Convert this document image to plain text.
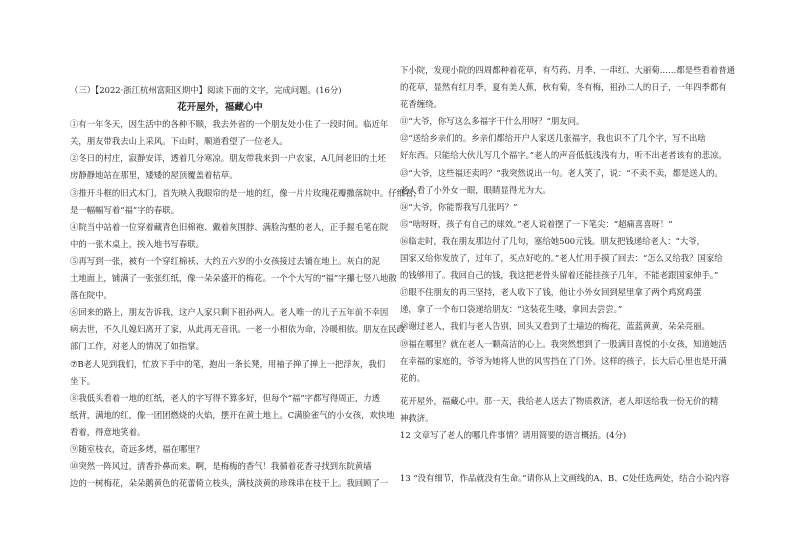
（三）【2022·浙江杭州富阳区期中】阅读下面的文字，完成问题。(16分)
花开屋外，福藏心中
①有一年冬天，因生活中的各种不顺，我去外省的一个朋友处小住了一段时间。临近年
关，朋友带我去山上采风。下山时，顺道看望了一位老人。
②冬日的村庄，寂静安详，透着几分寒凉。朋友带我来到一户农家，A几间老旧的土坯
房静静地站在那里，矮矮的屋顶覆盖着枯草。
③推开斗框的旧式木门，首先映入我眼帘的是一地的红，像一片片玫瑰花瓣撒落院中。仔细看，
是一幅幅写着“福”字的春联。
④院当中站着一位穿着藏青色旧棉袍、戴着灰围脖、满脸沟壑的老人，正手握毛笔在院
中的一张木桌上，挨入地书写春联。
⑤再写到一张，被有一个穿红棉袄、大约五六岁的小女孩接过去铺在地上。灰白的泥
土地面上，铺满了一张张红纸，像一朵朵盛开的梅花。一个个大写的“福”字攥七竖八地散
落在院中。
⑥回来的路上，朋友告诉我，这户人家只剩下祖孙两人。老人唯一的儿子五年前不幸因
病去世，不久儿媳妇离开了家，从此再无音讯。一老一小相依为命，冷暖相依。朋友在民政
部门工作，对老人的情况了如指掌。
⑦B老人见到我们，忙放下手中的笔，抱出一条长凳，用袖子掸了掸上一把浮灰，我们
坐下。
⑧我低头看着一地的红纸，老人的字写得不算多好，但每个“福”字都写得周正，力透
纸背，满地的红，像一团团燃烧的火焰，摆开在黄土地上。C满脸雀气的小女孩，欢快地
看着，得意地笑着。
⑨随室枝衣，奇远多烤，福在哪里？
⑩突然一阵风过，清香扑鼻而来。啊，是梅梅的香气！我循着花香寻找到东院黄墙
边的一树梅花，朵朵鹅黄色的花蕾倚立枝头，满枝淡黄的珍珠串在枝干上。我回顾了一
下小院，发现小院的四周都种着花草，有芍药、月季、一串红、大丽菊……都是些看着普通
的花草，显然有红月季，夏有美人蕉，秋有菊，冬有梅，祖孙二人的日子，一年四季都有
花香缠绕。
⑪“大爷，你写这么多福字干什么用呀？”朋友问。
⑫“送给乡亲们的。乡亲们都给开户人家送几张福字，我也识不了几个字，写不出啥
好东西。只能给大伙儿写几个福字。”老人的声音低低浅浅有力，听不出老者该有的悲凉。
⑬“大爷，这些福还卖吗？”我突然说出一句。老人笑了，说：“不卖不卖，都是送人的。
老人看了小外女一眼，眼睛显得尤为大。
⑭“大爷，你能帮我写几张吗？”
⑮“啥呀呀，孩子有自己的球效。”老人说着摆了一下笔尖：“超痛喜喜呀！”
⑯临走时，我在朋友那边付了几句，塞给她500元钱。朋友把钱递给老人：“大爷，
国家又给你发放了，过年了，买点好吃的。”老人忙用手摸了回去：“怎么又给我？国家给
的钱够用了。我回自己的钱，我这把老骨头留着还能挂孩子几年，不能老跟国家伸手。”
⑰眼不住朋友的再三坚持，老人收下了钱，他让小外女回到屋里拿了两个鸡窝鸡蛋
递，拿了一个布口袋递给朋友：“这装花生喽，拿回去尝尝。”
⑱谢过老人，我们与老人告别，回头又看到了土墙边的梅花，蓝蓝黄黄，朵朵亮丽。
⑲福在哪里？就在老人一颗高洁的心上。我突然想到了一股满目喜悦的小女孩，知道她活
在幸福的家庭的，爷爷为她将人世的风雪挡在了门外。这样的孩子，长大后心里也是开满
花的。
花开屋外，福藏心中。那一天，我给老人送去了物质救济，老人却送给我一份无价的精
神救济。
12 文章写了老人的哪几件事情？请用简要的语言概括。(4分)
13 “没有细节，作品就没有生命。”请你从上文画线的A、B、C处任选两处，结合小说内容
